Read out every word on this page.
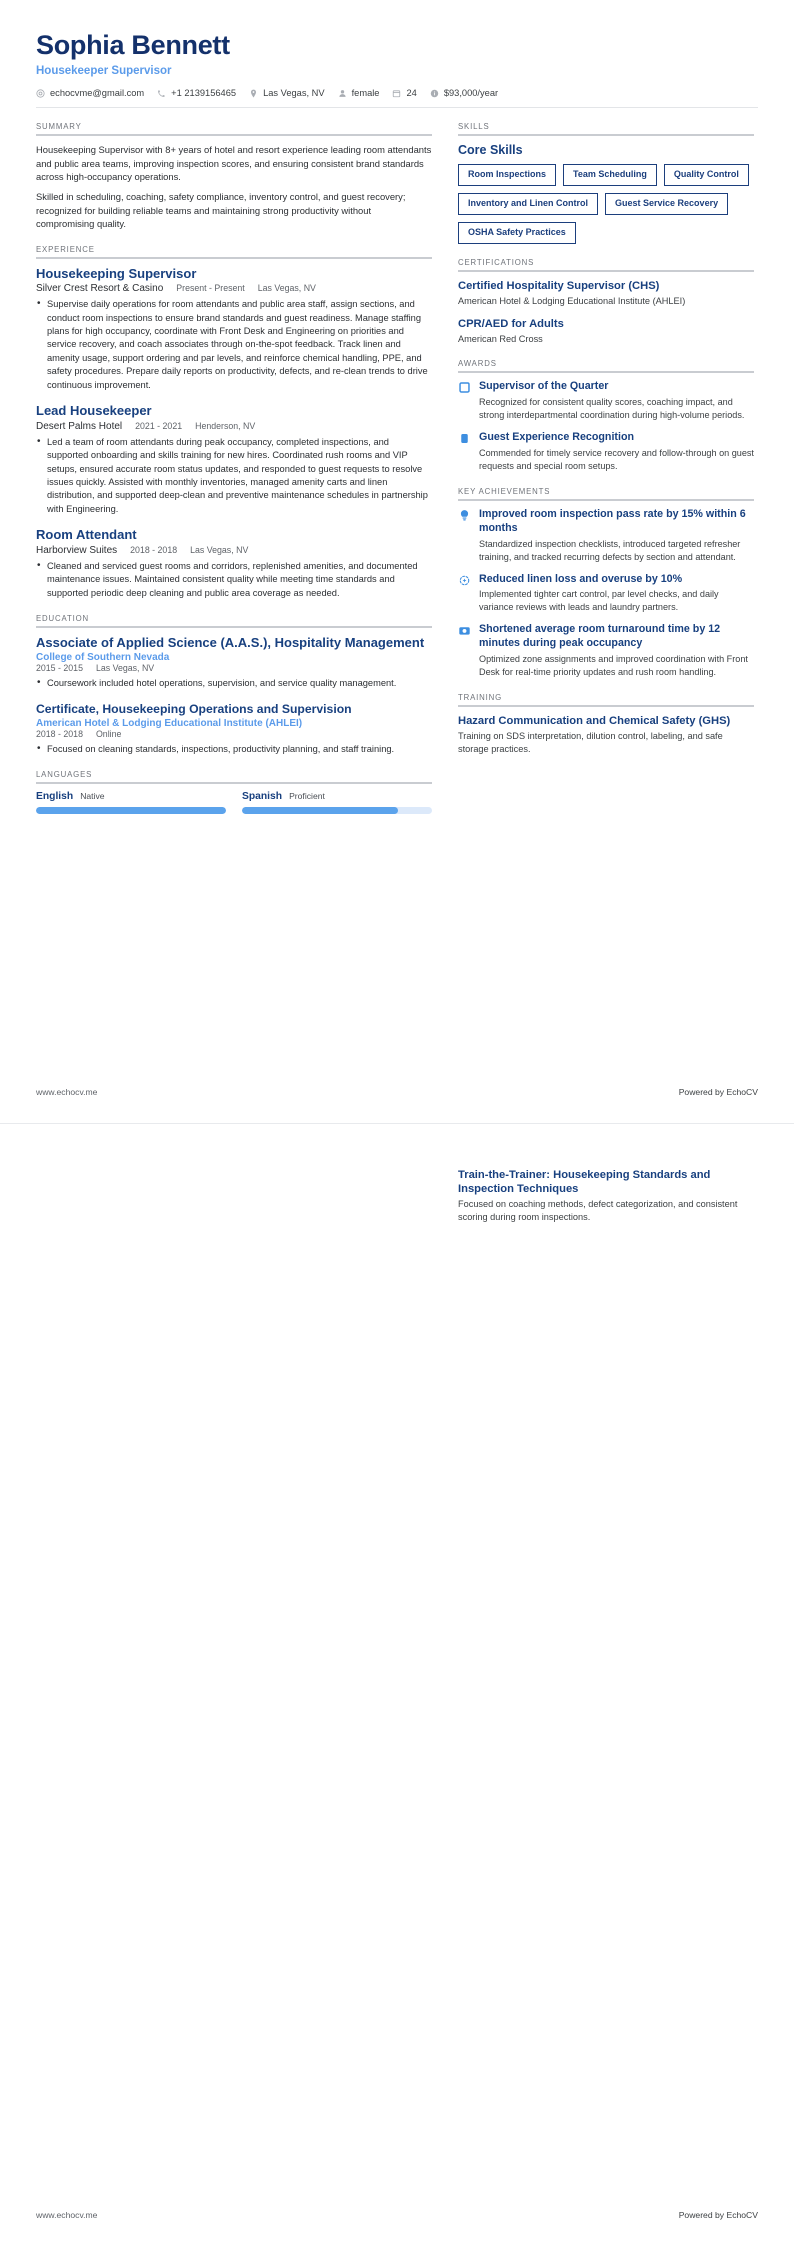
Sophia Bennett
Housekeeper Supervisor
echocvme@gmail.com	+1 2139156465	Las Vegas, NV	female	24	$93,000/year
SUMMARY

Housekeeping Supervisor with 8+ years of hotel and resort experience leading room attendants and public area teams, improving inspection scores, and ensuring consistent brand standards across high-occupancy operations.

Skilled in scheduling, coaching, safety compliance, inventory control, and guest recovery; recognized for building reliable teams and maintaining strong productivity without compromising quality.

EXPERIENCE
Housekeeping Supervisor
Silver Crest Resort & Casino Present - Present Las Vegas, NV
• Supervise daily operations for room attendants and public area staff, assign sections, and conduct room inspections to ensure brand standards and guest readiness. Manage staffing plans for high occupancy, coordinate with Front Desk and Engineering on priorities and service recovery, and coach associates through on-the-spot feedback. Track linen and amenity usage, support ordering and par levels, and reinforce chemical handling, PPE, and safety procedures. Prepare daily reports on productivity, defects, and re-clean trends to drive continuous improvement.
Lead Housekeeper
Desert Palms Hotel 2021 - 2021 Henderson, NV
• Led a team of room attendants during peak occupancy, completed inspections, and supported onboarding and skills training for new hires. Coordinated rush rooms and VIP setups, ensured accurate room status updates, and responded to guest requests to resolve issues quickly. Assisted with monthly inventories, managed amenity carts and linen distribution, and supported deep-clean and preventive maintenance schedules in partnership with Engineering.
Room Attendant
Harborview Suites 2018 - 2018 Las Vegas, NV
• Cleaned and serviced guest rooms and corridors, replenished amenities, and documented maintenance issues. Maintained consistent quality while meeting time standards and supported periodic deep cleaning and public area coverage as needed.
EDUCATION
Associate of Applied Science (A.A.S.), Hospitality Management
College of Southern Nevada
2015 - 2015 Las Vegas, NV
• Coursework included hotel operations, supervision, and service quality management.
Certificate, Housekeeping Operations and Supervision
American Hotel & Lodging Educational Institute (AHLEI)
2018 - 2018 Online
• Focused on cleaning standards, inspections, productivity planning, and staff training.
LANGUAGES
English Native	Spanish Proficient
SKILLS
Core Skills
Room Inspections	Team Scheduling	Quality Control
Inventory and Linen Control	Guest Service Recovery
OSHA Safety Practices
CERTIFICATIONS
Certified Hospitality Supervisor (CHS)
American Hotel & Lodging Educational Institute (AHLEI)
CPR/AED for Adults
American Red Cross
AWARDS
Supervisor of the Quarter
Recognized for consistent quality scores, coaching impact, and strong interdepartmental coordination during high-volume periods.
Guest Experience Recognition
Commended for timely service recovery and follow-through on guest requests and special room setups.
KEY ACHIEVEMENTS
Improved room inspection pass rate by 15% within 6 months
Standardized inspection checklists, introduced targeted refresher training, and tracked recurring defects by section and attendant.
Reduced linen loss and overuse by 10%
Implemented tighter cart control, par level checks, and daily variance reviews with leads and laundry partners.
Shortened average room turnaround time by 12 minutes during peak occupancy
Optimized zone assignments and improved coordination with Front Desk for real-time priority updates and rush room handling.
TRAINING
Hazard Communication and Chemical Safety (GHS)
Training on SDS interpretation, dilution control, labeling, and safe storage practices.
www.echocv.me	Powered by EchoCV
Train-the-Trainer: Housekeeping Standards and Inspection Techniques
Focused on coaching methods, defect categorization, and consistent scoring during room inspections.
www.echocv.me	Powered by EchoCV
